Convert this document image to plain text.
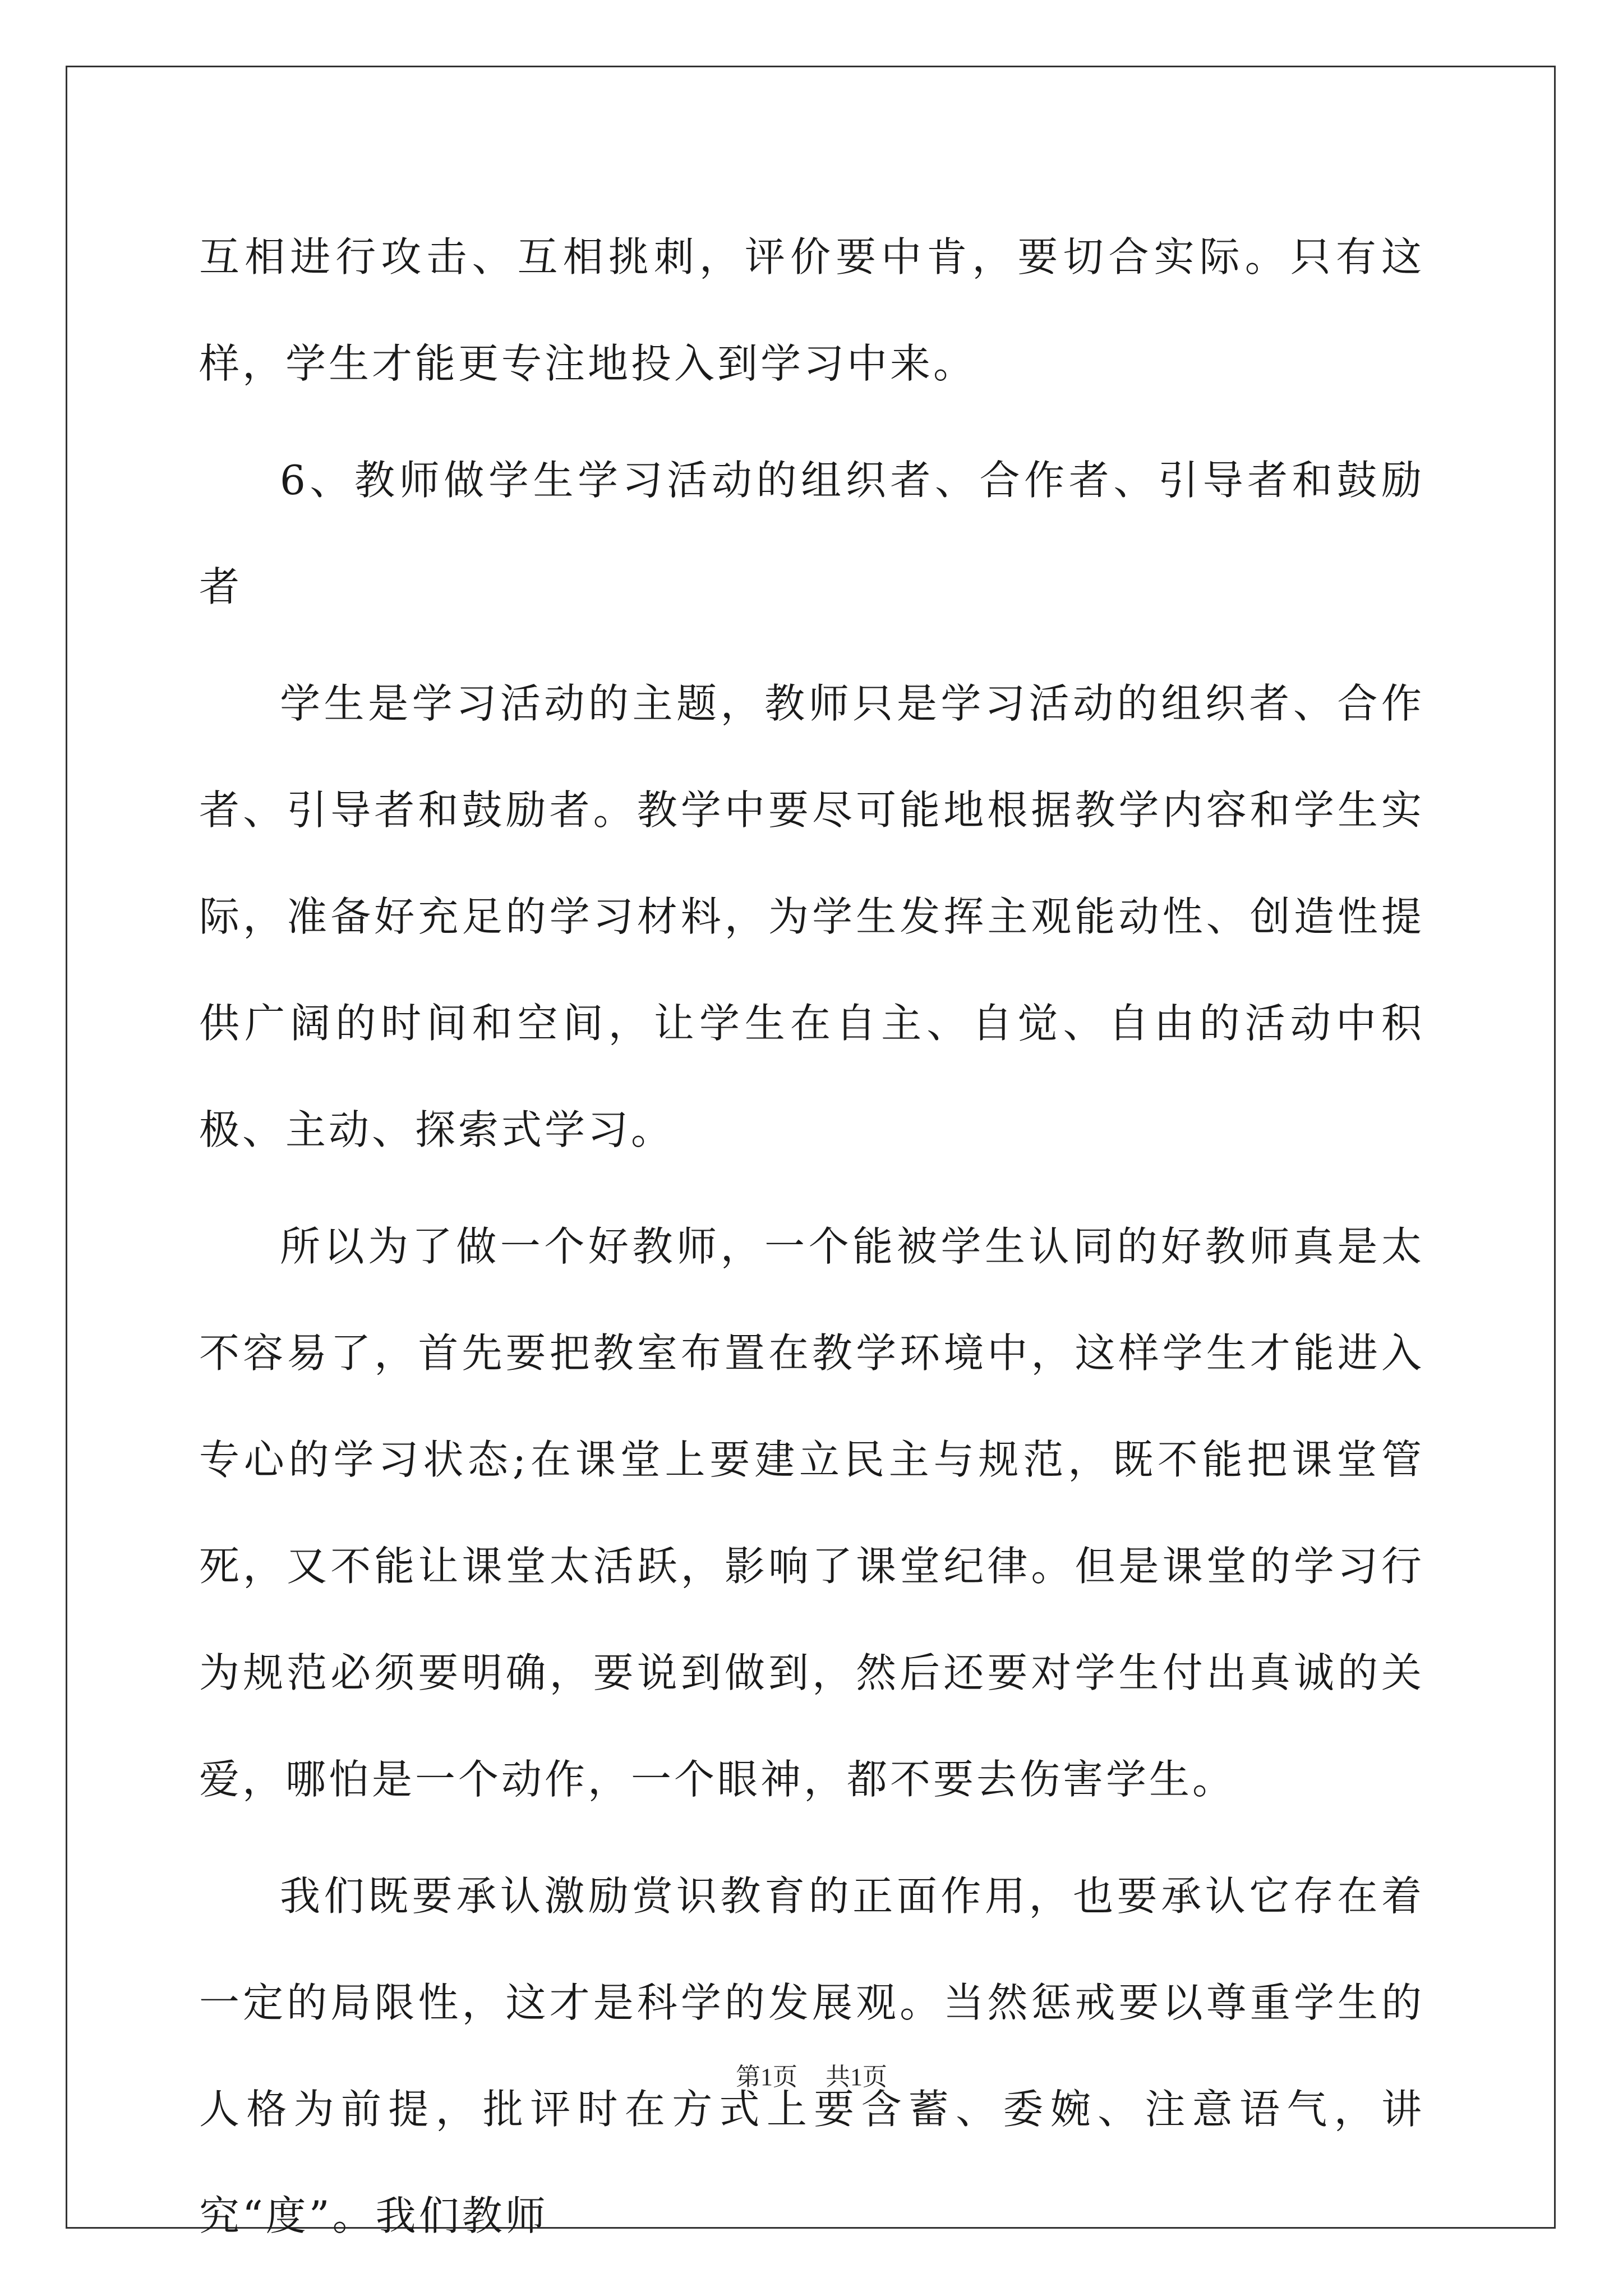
互相进行攻击、互相挑刺，评价要中肯，要切合实际。只有这样，学生才能更专注地投入到学习中来。

6、教师做学生学习活动的组织者、合作者、引导者和鼓励者

学生是学习活动的主题，教师只是学习活动的组织者、合作者、引导者和鼓励者。教学中要尽可能地根据教学内容和学生实际，准备好充足的学习材料，为学生发挥主观能动性、创造性提供广阔的时间和空间，让学生在自主、自觉、自由的活动中积极、主动、探索式学习。

所以为了做一个好教师，一个能被学生认同的好教师真是太不容易了，首先要把教室布置在教学环境中，这样学生才能进入专心的学习状态;在课堂上要建立民主与规范，既不能把课堂管死，又不能让课堂太活跃，影响了课堂纪律。但是课堂的学习行为规范必须要明确，要说到做到，然后还要对学生付出真诚的关爱，哪怕是一个动作，一个眼神，都不要去伤害学生。

我们既要承认激励赏识教育的正面作用，也要承认它存在着一定的局限性，这才是科学的发展观。当然惩戒要以尊重学生的人格为前提，批评时在方式上要含蓄、委婉、注意语气，讲究“度”。我们教师

第1页 共1页
